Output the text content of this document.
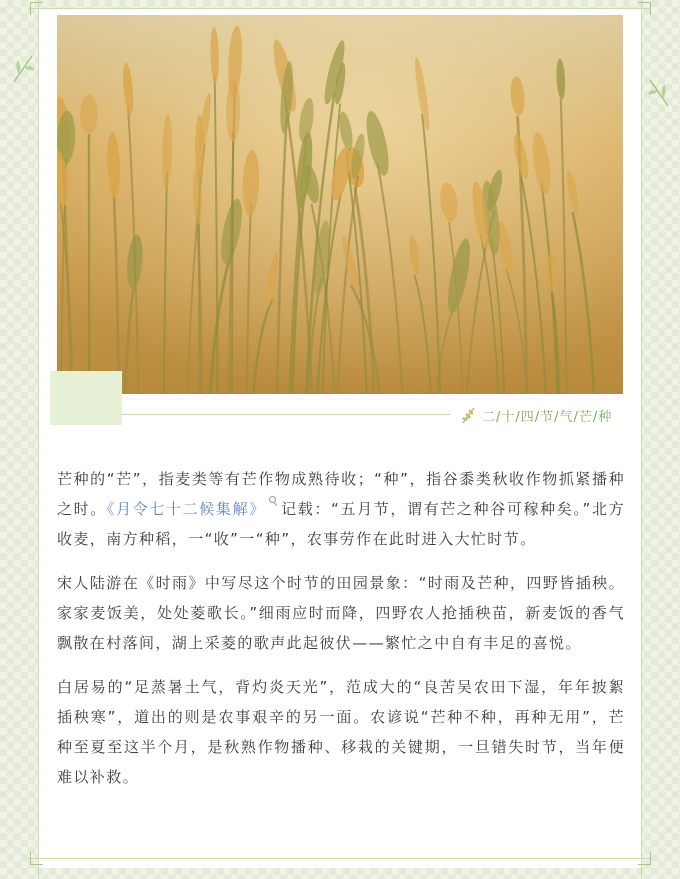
二/十/四/节/气/芒/种

芒种的“芒”，指麦类等有芒作物成熟待收；“种”，指谷黍类秋收作物抓紧播种之时。《月令七十二候集解》 记载：“五月节，谓有芒之种谷可稼种矣。”北方收麦，南方种稻，一“收”一“种”，农事劳作在此时进入大忙时节。

宋人陆游在《时雨》中写尽这个时节的田园景象：“时雨及芒种，四野皆插秧。家家麦饭美，处处菱歌长。”细雨应时而降，四野农人抢插秧苗，新麦饭的香气飘散在村落间，湖上采菱的歌声此起彼伏——繁忙之中自有丰足的喜悦。

白居易的“足蒸暑土气，背灼炎天光”，范成大的“良苦吴农田下湿，年年披絮插秧寒”，道出的则是农事艰辛的另一面。农谚说“芒种不种，再种无用”，芒种至夏至这半个月，是秋熟作物播种、移栽的关键期，一旦错失时节，当年便难以补救。
